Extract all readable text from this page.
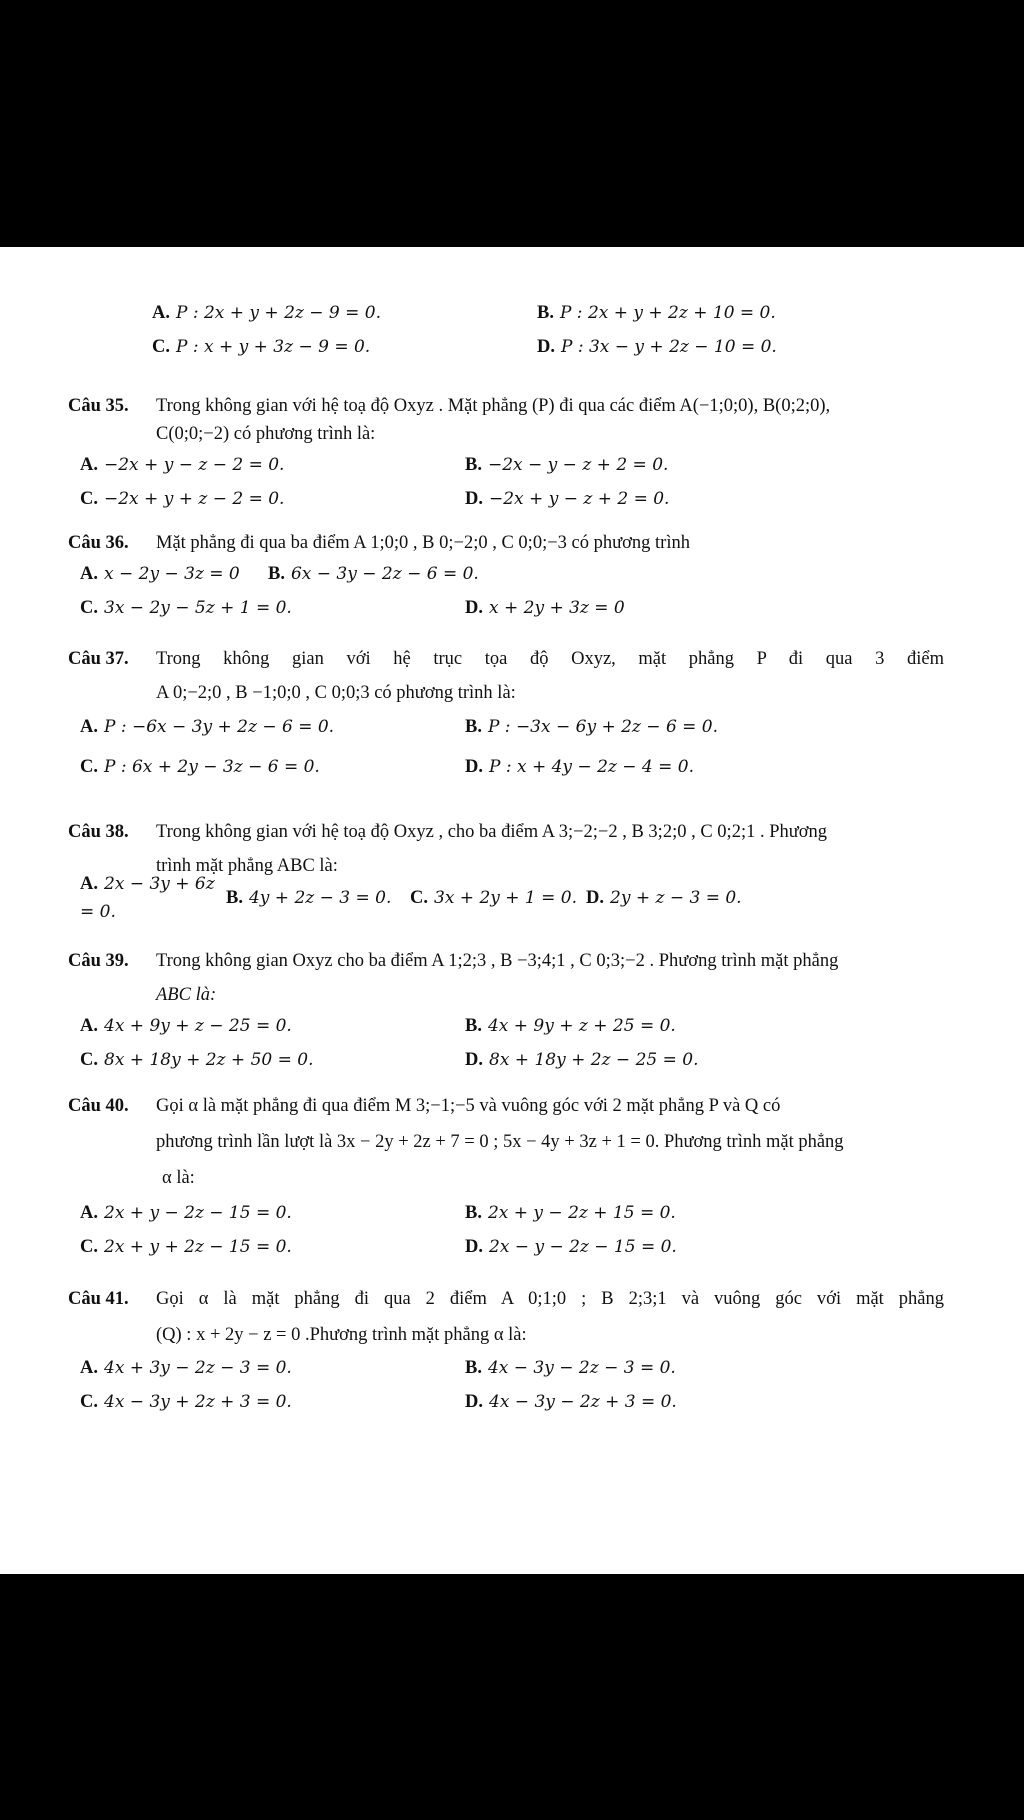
A. P : 2x + y + 2z − 9 = 0.	B. P : 2x + y + 2z + 10 = 0.
C. P : x + y + 3z − 9 = 0.	D. P : 3x − y + 2z − 10 = 0.
Câu 35.	Trong không gian với hệ toạ độ Oxyz . Mặt phẳng (P) đi qua các điểm A(−1;0;0), B(0;2;0),
C(0;0;−2) có phương trình là:
A. −2x + y − z − 2 = 0.	B. −2x − y − z + 2 = 0.
C. −2x + y + z − 2 = 0.	D. −2x + y − z + 2 = 0.
Câu 36.	Mặt phẳng đi qua ba điểm A 1;0;0 , B 0;−2;0 , C 0;0;−3 có phương trình
A. x − 2y − 3z = 0	B. 6x − 3y − 2z − 6 = 0.
C. 3x − 2y − 5z + 1 = 0.	D. x + 2y + 3z = 0
Câu 37.	Trong không gian với hệ trục tọa độ Oxyz, mặt phẳng P đi qua 3 điểm
A 0;−2;0 , B −1;0;0 , C 0;0;3 có phương trình là:
A. P : −6x − 3y + 2z − 6 = 0.	B. P : −3x − 6y + 2z − 6 = 0.
C. P : 6x + 2y − 3z − 6 = 0.	D. P : x + 4y − 2z − 4 = 0.
Câu 38.	Trong không gian với hệ toạ độ Oxyz , cho ba điểm A 3;−2;−2 , B 3;2;0 , C 0;2;1 . Phương
trình mặt phẳng ABC là:
A. 2x − 3y + 6z = 0.
B. 4y + 2z − 3 = 0.	C. 3x + 2y + 1 = 0. D. 2y + z − 3 = 0.
Câu 39.	Trong không gian Oxyz cho ba điểm A 1;2;3 , B −3;4;1 , C 0;3;−2 . Phương trình mặt phẳng
ABC là:
A. 4x + 9y + z − 25 = 0.	B. 4x + 9y + z + 25 = 0.
C. 8x + 18y + 2z + 50 = 0.	D. 8x + 18y + 2z − 25 = 0.
Câu 40.	Gọi α là mặt phẳng đi qua điểm M 3;−1;−5 và vuông góc với 2 mặt phẳng P và Q có
phương trình lần lượt là 3x − 2y + 2z + 7 = 0 ; 5x − 4y + 3z + 1 = 0. Phương trình mặt phẳng
α là:
A. 2x + y − 2z − 15 = 0.	B. 2x + y − 2z + 15 = 0.
C. 2x + y + 2z − 15 = 0.	D. 2x − y − 2z − 15 = 0.
Câu 41.	Gọi α là mặt phẳng đi qua 2 điểm A 0;1;0 ; B 2;3;1 và vuông góc với mặt phẳng
(Q) : x + 2y − z = 0 .Phương trình mặt phẳng α là:
A. 4x + 3y − 2z − 3 = 0.	B. 4x − 3y − 2z − 3 = 0.
C. 4x − 3y + 2z + 3 = 0.	D. 4x − 3y − 2z + 3 = 0.
